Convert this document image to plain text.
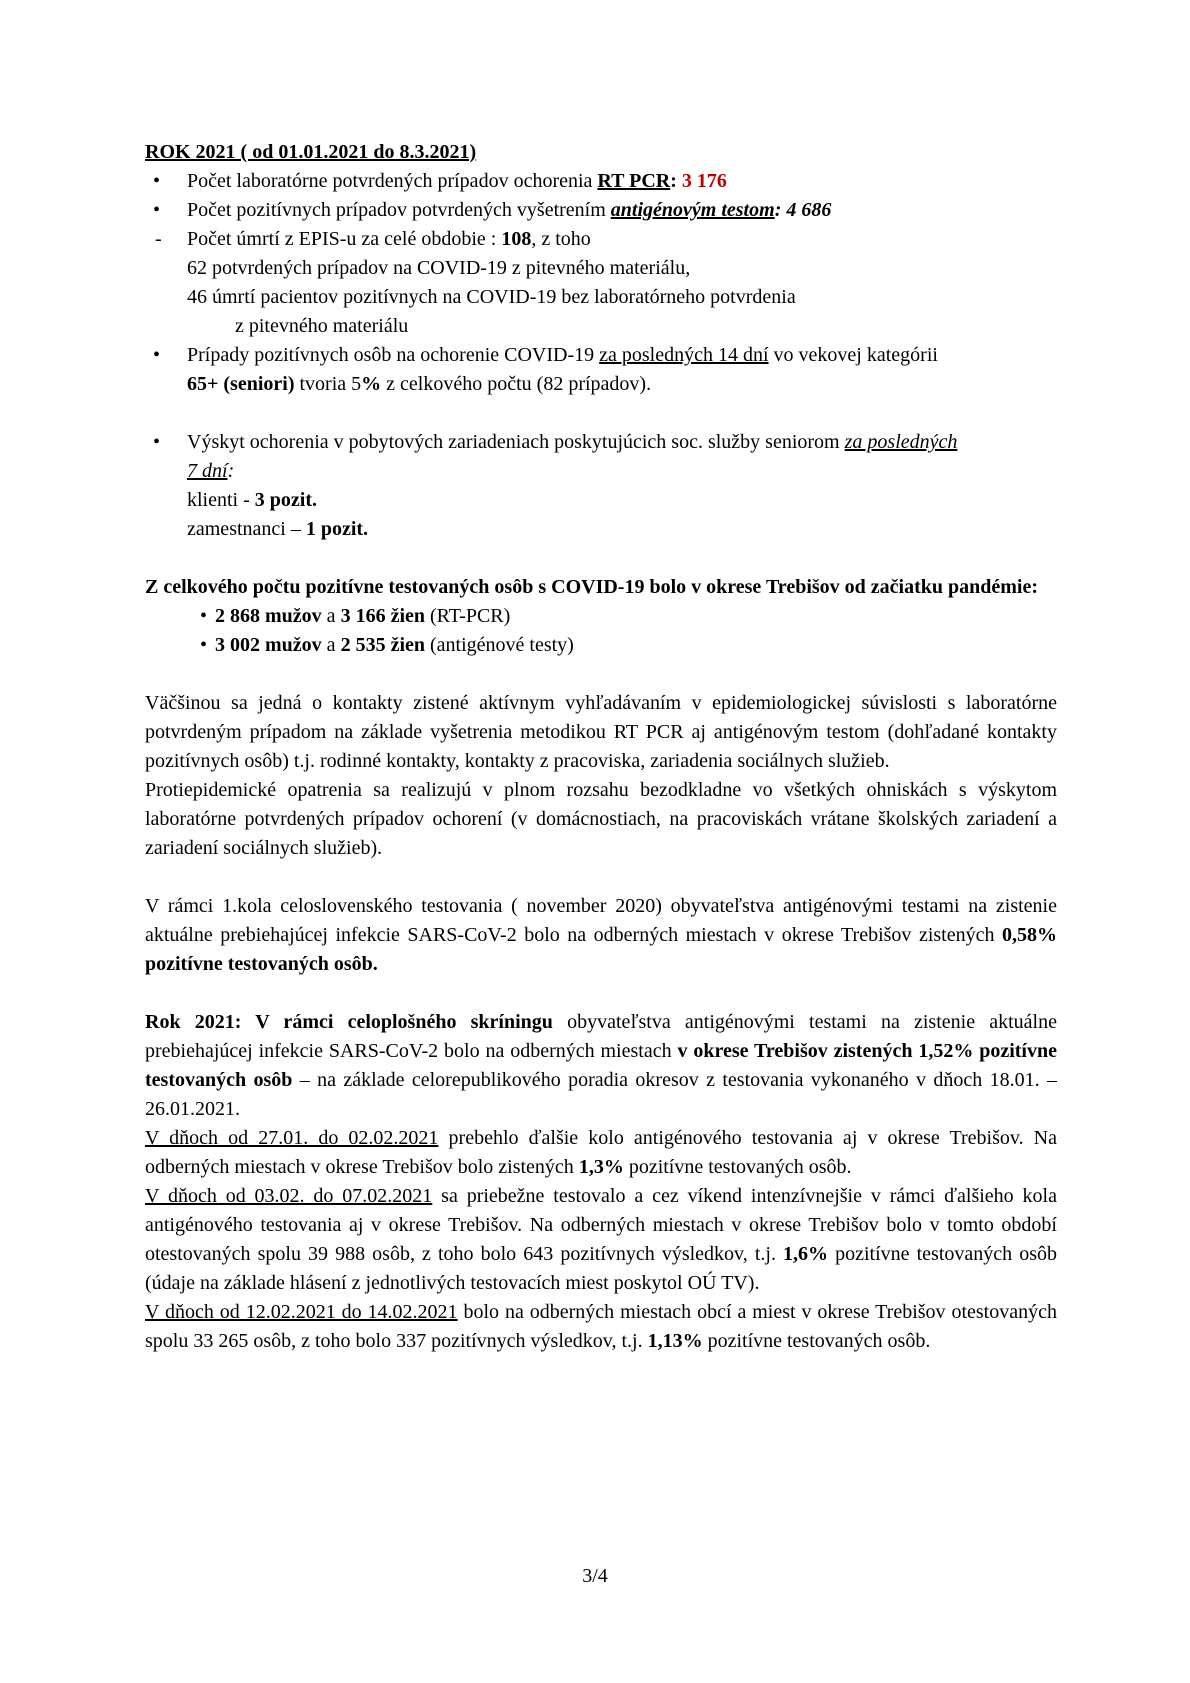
ROK 2021 ( od 01.01.2021 do 8.3.2021)

• Počet laboratórne potvrdených prípadov ochorenia RT PCR: 3 176
• Počet pozitívnych prípadov potvrdených vyšetrením antigénovým testom: 4 686
- Počet úmrtí z EPIS-u za celé obdobie : 108, z toho

62 potvrdených prípadov na COVID-19 z pitevného materiálu,

46 úmrtí pacientov pozitívnych na COVID-19 bez laboratórneho potvrdenia

z pitevného materiálu

• Prípady pozitívnych osôb na ochorenie COVID-19 za posledných 14 dní vo vekovej kategórii
65+ (seniori) tvoria 5% z celkového počtu (82 prípadov).
• Výskyt ochorenia v pobytových zariadeniach poskytujúcich soc. služby seniorom za posledných
7 dní:
klienti - 3 pozit.
zamestnanci – 1 pozit.

Z celkového počtu pozitívne testovaných osôb s COVID-19 bolo v okrese Trebišov od začiatku pandémie:

• 2 868 mužov a 3 166 žien (RT-PCR)
• 3 002 mužov a 2 535 žien (antigénové testy)

Väčšinou sa jedná o kontakty zistené aktívnym vyhľadávaním v epidemiologickej súvislosti s laboratórne potvrdeným prípadom na základe vyšetrenia metodikou RT PCR aj antigénovým testom (dohľadané kontakty pozitívnych osôb) t.j. rodinné kontakty, kontakty z pracoviska, zariadenia sociálnych služieb.

Protiepidemické opatrenia sa realizujú v plnom rozsahu bezodkladne vo všetkých ohniskách s výskytom laboratórne potvrdených prípadov ochorení (v domácnostiach, na pracoviskách vrátane školských zariadení a zariadení sociálnych služieb).

V rámci 1.kola celoslovenského testovania ( november 2020) obyvateľstva antigénovými testami na zistenie aktuálne prebiehajúcej infekcie SARS-CoV-2 bolo na odberných miestach v okrese Trebišov zistených 0,58% pozitívne testovaných osôb.

Rok 2021: V rámci celoplošného skríningu obyvateľstva antigénovými testami na zistenie aktuálne prebiehajúcej infekcie SARS-CoV-2 bolo na odberných miestach v okrese Trebišov zistených 1,52% pozitívne testovaných osôb – na základe celorepublikového poradia okresov z testovania vykonaného v dňoch 18.01. – 26.01.2021.

V dňoch od 27.01. do 02.02.2021 prebehlo ďalšie kolo antigénového testovania aj v okrese Trebišov. Na odberných miestach v okrese Trebišov bolo zistených 1,3% pozitívne testovaných osôb.

V dňoch od 03.02. do 07.02.2021 sa priebežne testovalo a cez víkend intenzívnejšie v rámci ďalšieho kola antigénového testovania aj v okrese Trebišov. Na odberných miestach v okrese Trebišov bolo v tomto období otestovaných spolu 39 988 osôb, z toho bolo 643 pozitívnych výsledkov, t.j. 1,6% pozitívne testovaných osôb (údaje na základe hlásení z jednotlivých testovacích miest poskytol OÚ TV).

V dňoch od 12.02.2021 do 14.02.2021 bolo na odberných miestach obcí a miest v okrese Trebišov otestovaných spolu 33 265 osôb, z toho bolo 337 pozitívnych výsledkov, t.j. 1,13% pozitívne testovaných osôb.

3/4
